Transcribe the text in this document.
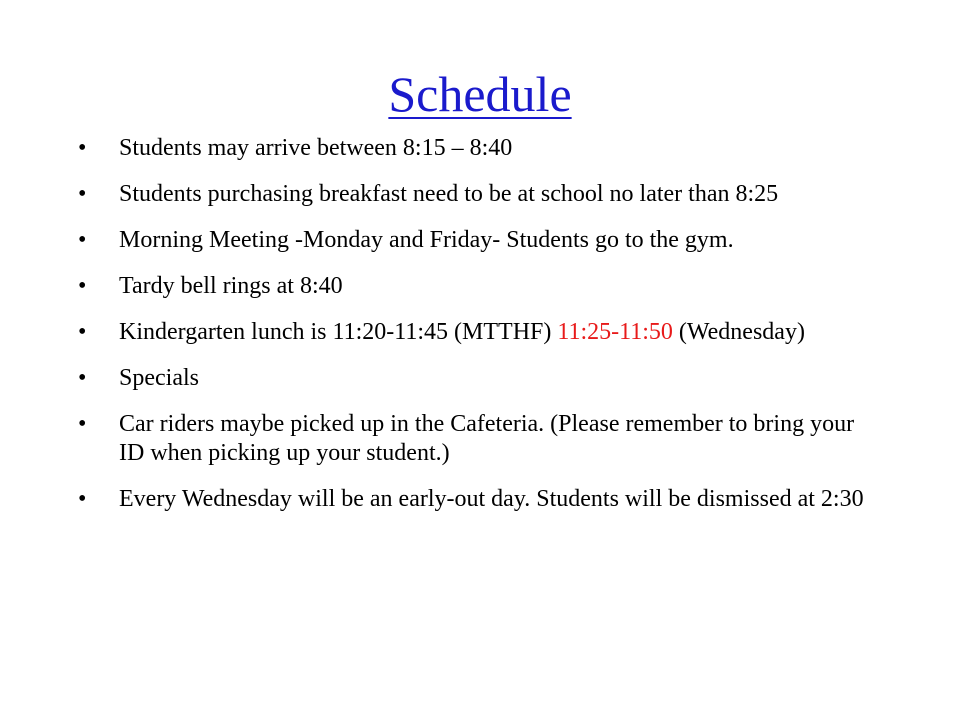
Schedule
• Students may arrive between 8:15 – 8:40
• Students purchasing breakfast need to be at school no later than 8:25
• Morning Meeting -Monday and Friday- Students go to the gym.
• Tardy bell rings at 8:40
• Kindergarten lunch is 11:20-11:45 (MTTHF) 11:25-11:50 (Wednesday)
• Specials
• Car riders maybe picked up in the Cafeteria. (Please remember to bring your ID when picking up your student.)
• Every Wednesday will be an early-out day. Students will be dismissed at 2:30
